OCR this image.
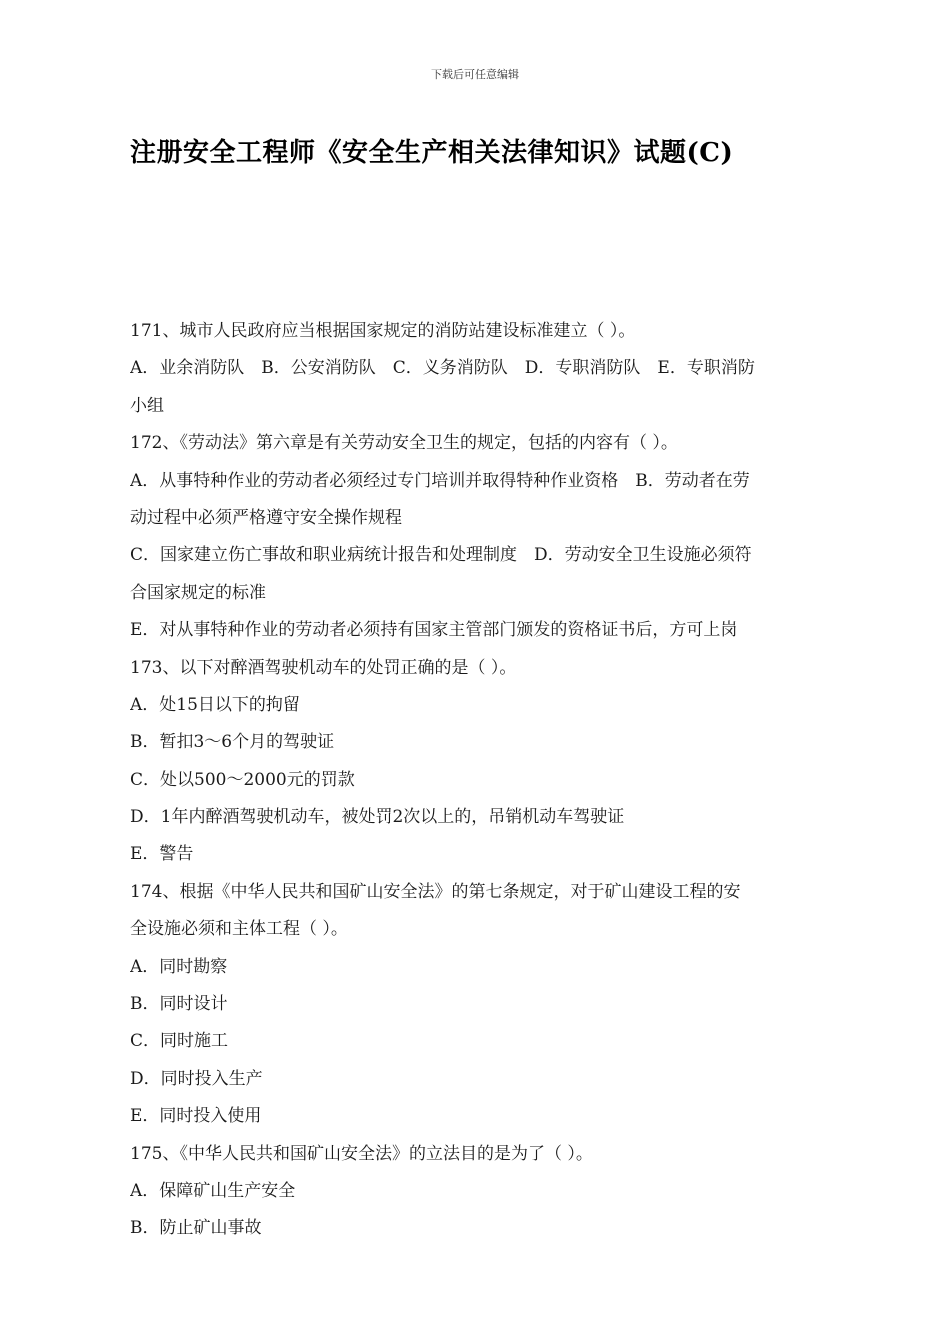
下载后可任意编辑
注册安全工程师《安全生产相关法律知识》试题(C)
171、城市人民政府应当根据国家规定的消防站建设标准建立（ ）。
A．业余消防队　B．公安消防队　C．义务消防队　D．专职消防队　E．专职消防
小组
172、《劳动法》第六章是有关劳动安全卫生的规定，包括的内容有（ ）。
A．从事特种作业的劳动者必须经过专门培训并取得特种作业资格　B．劳动者在劳
动过程中必须严格遵守安全操作规程
C．国家建立伤亡事故和职业病统计报告和处理制度　D．劳动安全卫生设施必须符
合国家规定的标准
E．对从事特种作业的劳动者必须持有国家主管部门颁发的资格证书后，方可上岗
173、以下对醉酒驾驶机动车的处罚正确的是（ ）。
A．处15日以下的拘留
B．暂扣3～6个月的驾驶证
C．处以500～2000元的罚款
D．1年内醉酒驾驶机动车，被处罚2次以上的，吊销机动车驾驶证
E．警告
174、根据《中华人民共和国矿山安全法》的第七条规定，对于矿山建设工程的安
全设施必须和主体工程（ ）。
A．同时勘察
B．同时设计
C．同时施工
D．同时投入生产
E．同时投入使用
175、《中华人民共和国矿山安全法》的立法目的是为了（ ）。
A．保障矿山生产安全
B．防止矿山事故
